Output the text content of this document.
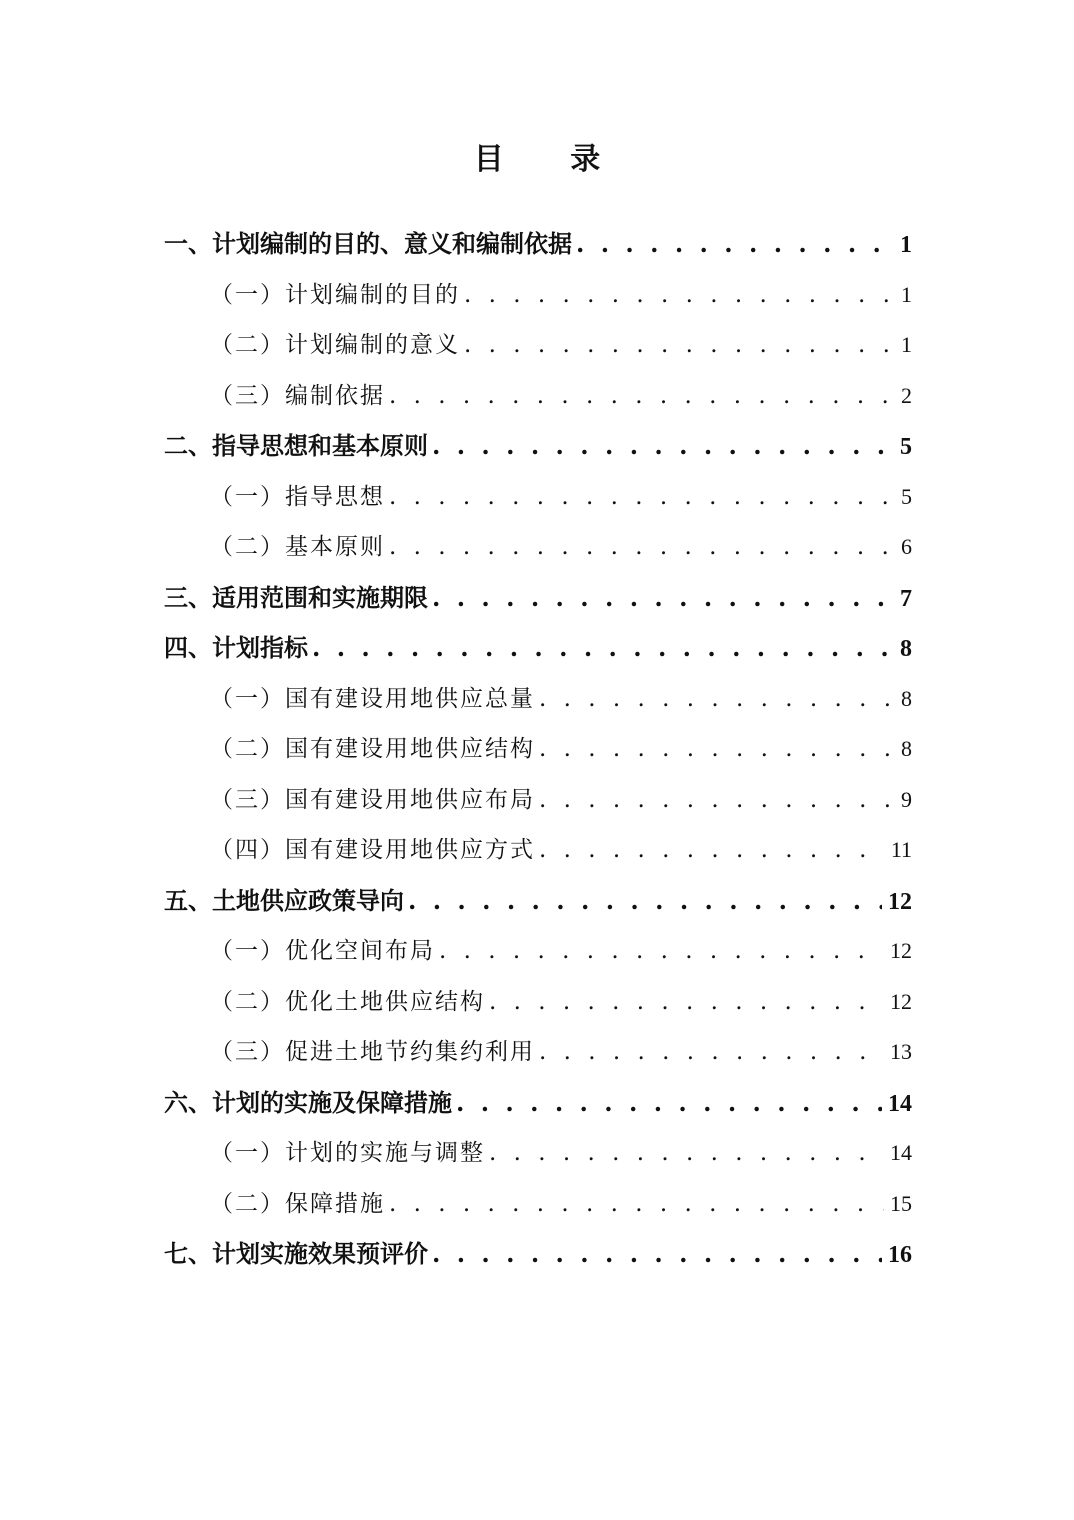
目 录
一、计划编制的目的、意义和编制依据 . . .	1
（一）计划编制的目的 . . .	1
（二）计划编制的意义 . . .	1
（三）编制依据 . . .	2
二、指导思想和基本原则 . . .	5
（一）指导思想 . . .	5
（二）基本原则 . . .	6
三、适用范围和实施期限 . . .	7
四、计划指标 . . .	8
（一）国有建设用地供应总量 . . .	8
（二）国有建设用地供应结构 . . .	8
（三）国有建设用地供应布局 . . .	9
（四）国有建设用地供应方式 . . .	11
五、土地供应政策导向 . . .	12
（一）优化空间布局 . . .	12
（二）优化土地供应结构 . . .	12
（三）促进土地节约集约利用 . . .	13
六、计划的实施及保障措施 . . .	14
（一）计划的实施与调整 . . .	14
（二）保障措施 . . .	15
七、计划实施效果预评价 . . .	16
